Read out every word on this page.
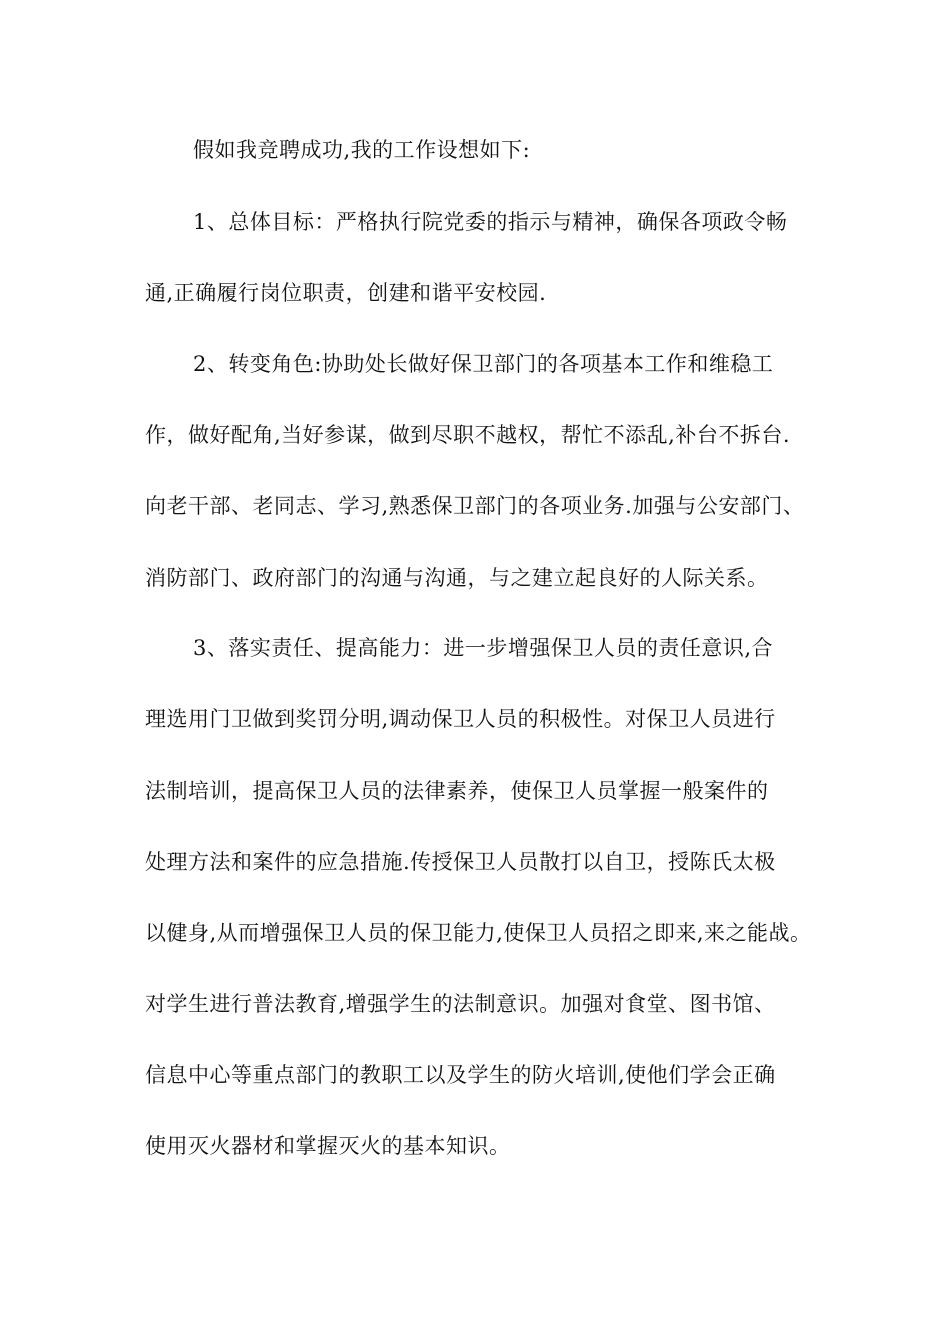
假如我竞聘成功,我的工作设想如下:
1、总体目标：严格执行院党委的指示与精神，确保各项政令畅
通,正确履行岗位职责，创建和谐平安校园.
2、转变角色:协助处长做好保卫部门的各项基本工作和维稳工
作，做好配角,当好参谋，做到尽职不越权，帮忙不添乱,补台不拆台.
向老干部、老同志、学习,熟悉保卫部门的各项业务.加强与公安部门、
消防部门、政府部门的沟通与沟通，与之建立起良好的人际关系。
3、落实责任、提高能力：进一步增强保卫人员的责任意识,合
理选用门卫做到奖罚分明,调动保卫人员的积极性。对保卫人员进行
法制培训，提高保卫人员的法律素养，使保卫人员掌握一般案件的
处理方法和案件的应急措施.传授保卫人员散打以自卫，授陈氏太极
以健身,从而增强保卫人员的保卫能力,使保卫人员招之即来,来之能战。
对学生进行普法教育,增强学生的法制意识。加强对食堂、图书馆、
信息中心等重点部门的教职工以及学生的防火培训,使他们学会正确
使用灭火器材和掌握灭火的基本知识。
